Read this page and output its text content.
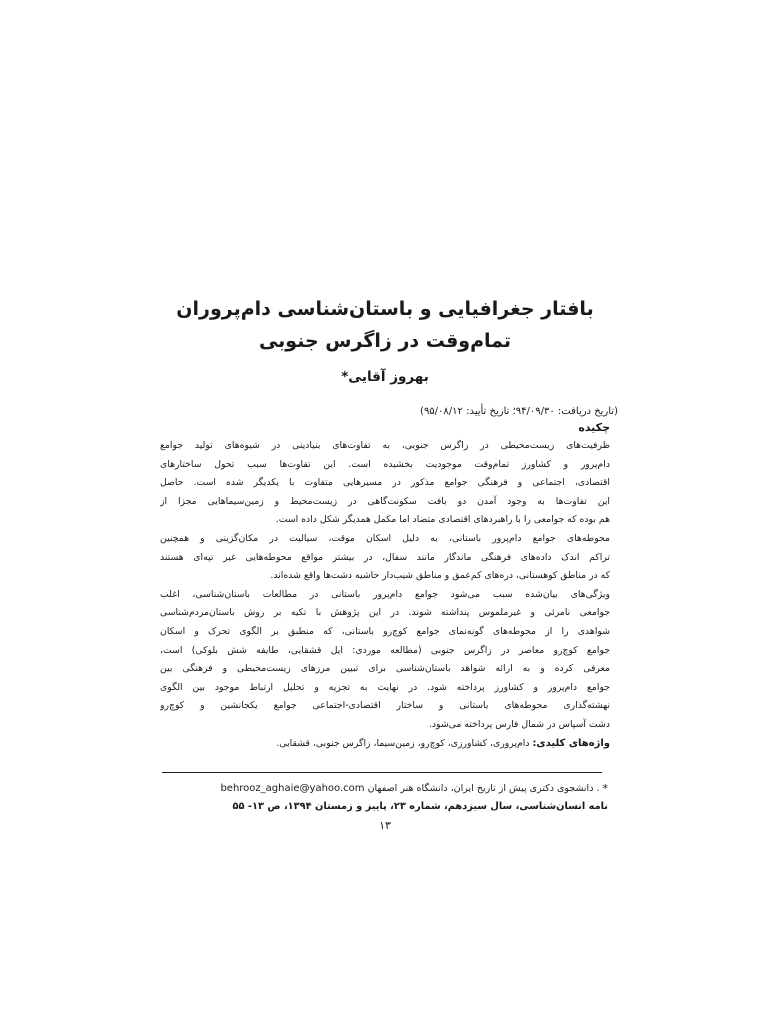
بافتار جغرافیایی و باستان‌شناسی دام‌پروران
تمام‌وقت در زاگرس جنوبی
بهروز آقایی*
(تاریخ دریافت: ۹۴/۰۹/۳۰؛ تاریخ تأیید: ۹۵/۰۸/۱۲)
چکیده
ظرفیت‌های زیست‌محیطی در زاگرس جنوبی، به تفاوت‌های بنیادینی در شیوه‌های تولید جوامع
دام‌پرور و کشاورز تمام‌وقت موجودیت بخشیده است. این تفاوت‌ها سبب تحول ساختارهای
اقتصادی، اجتماعی و فرهنگی جوامع مذکور در مسیرهایی متفاوت با یکدیگر شده است. حاصل
این تفاوت‌ها به وجود آمدن دو بافت سکونت‌گاهی در زیست‌محیط و زمین‌سیماهایی مجزا از
هم بوده که جوامعی را با راهبردهای اقتصادی متضاد اما مکمل همدیگر شکل داده است.
محوطه‌های جوامع دام‌پرور باستانی، به دلیل اسکان موقت، سیالیت در مکان‌گزینی و همچنین
تراکم اندک داده‌های فرهنگی ماندگار مانند سفال، در بیشتر مواقع محوطه‌هایی غیر تپه‌ای هستند
که در مناطق کوهستانی، دره‌های کم‌عمق و مناطق شیب‌دار حاشیه دشت‌ها واقع شده‌اند.
ویژگی‌های بیان‌شده سبب می‌شود جوامع دام‌پرور باستانی در مطالعات باستان‌شناسی، اغلب
جوامعی نامرئی و غیرملموس پنداشته شوند. در این پژوهش با تکیه بر روش باستان‌مردم‌شناسی
شواهدی را از محوطه‌های گونه‌نمای جوامع کوچ‌رو باستانی، که منطبق بر الگوی تحرک و اسکان
جوامع کوچ‌رو معاصر در زاگرس جنوبی (مطالعه موردی: ایل قشقایی، طایفه شش بلوکی) است،
معرفی کرده و به ارائه شواهد باستان‌شناسی برای تبیین مرزهای زیست‌محیطی و فرهنگی بین
جوامع دام‌پرور و کشاورز پرداخته شود. در نهایت به تجزیه و تحلیل ارتباط موجود بین الگوی
نهشته‌گذاری محوطه‌های باستانی و ساختار اقتصادی-اجتماعی جوامع یکجانشین و کوچ‌رو
دشت آسپاس در شمال فارس پرداخته می‌شود.
واژه‌های کلیدی: دام‌پروری، کشاورزی، کوچ‌رو، زمین‌سیما، زاگرس جنوبی، قشقایی.
* . دانشجوی دکتری پیش از تاریخ ایران، دانشگاه هنر اصفهان behrooz_aghaie@yahoo.com
نامه انسان‌شناسی، سال سیزدهم، شماره ۲۳، پاییز و زمستان ۱۳۹۴، ص ۱۳- ۵۵
۱۳
